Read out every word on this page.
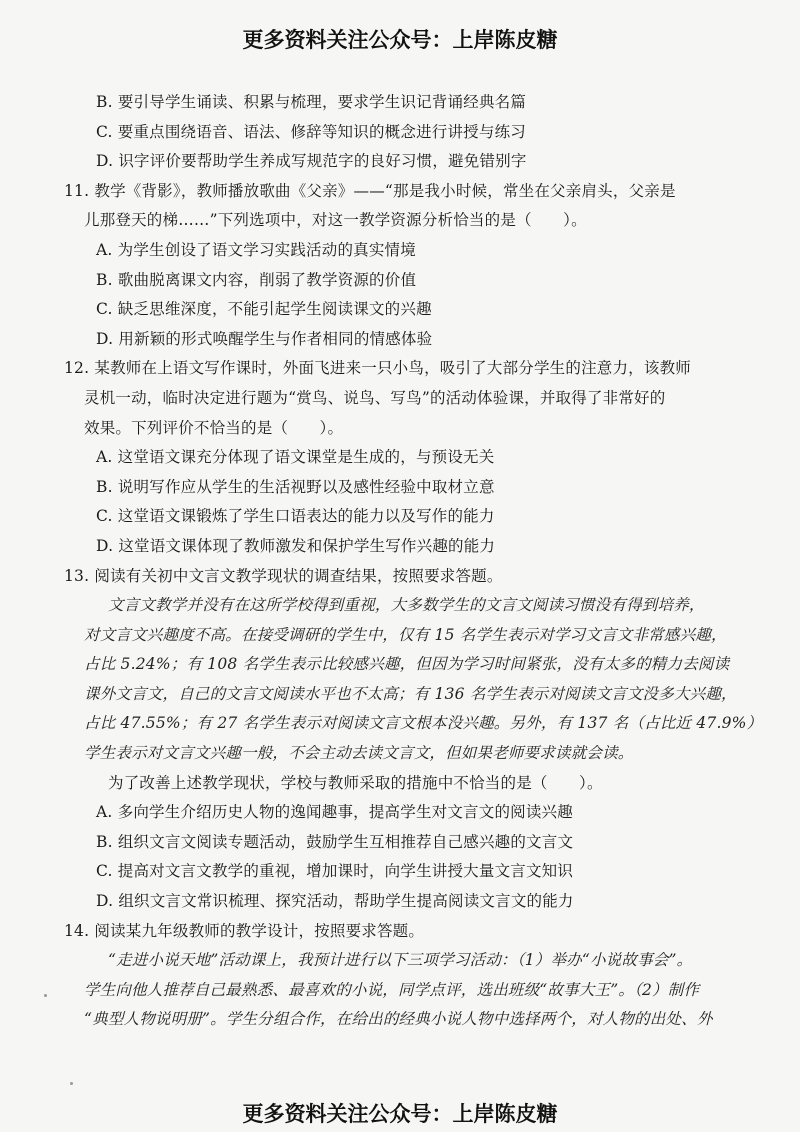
更多资料关注公众号：上岸陈皮糖
B. 要引导学生诵读、积累与梳理，要求学生识记背诵经典名篇
C. 要重点围绕语音、语法、修辞等知识的概念进行讲授与练习
D. 识字评价要帮助学生养成写规范字的良好习惯，避免错别字
11. 教学《背影》，教师播放歌曲《父亲》——“那是我小时候，常坐在父亲肩头，父亲是
儿那登天的梯……”下列选项中，对这一教学资源分析恰当的是（　　）。
A. 为学生创设了语文学习实践活动的真实情境
B. 歌曲脱离课文内容，削弱了教学资源的价值
C. 缺乏思维深度，不能引起学生阅读课文的兴趣
D. 用新颖的形式唤醒学生与作者相同的情感体验
12. 某教师在上语文写作课时，外面飞进来一只小鸟，吸引了大部分学生的注意力，该教师
灵机一动，临时决定进行题为“赏鸟、说鸟、写鸟”的活动体验课，并取得了非常好的
效果。下列评价不恰当的是（　　）。
A. 这堂语文课充分体现了语文课堂是生成的，与预设无关
B. 说明写作应从学生的生活视野以及感性经验中取材立意
C. 这堂语文课锻炼了学生口语表达的能力以及写作的能力
D. 这堂语文课体现了教师激发和保护学生写作兴趣的能力
13. 阅读有关初中文言文教学现状的调查结果，按照要求答题。
文言文教学并没有在这所学校得到重视，大多数学生的文言文阅读习惯没有得到培养，
对文言文兴趣度不高。在接受调研的学生中，仅有 15 名学生表示对学习文言文非常感兴趣，
占比 5.24%；有 108 名学生表示比较感兴趣，但因为学习时间紧张，没有太多的精力去阅读
课外文言文，自己的文言文阅读水平也不太高；有 136 名学生表示对阅读文言文没多大兴趣，
占比 47.55%；有 27 名学生表示对阅读文言文根本没兴趣。另外，有 137 名（占比近 47.9%）
学生表示对文言文兴趣一般，不会主动去读文言文，但如果老师要求读就会读。
为了改善上述教学现状，学校与教师采取的措施中不恰当的是（　　）。
A. 多向学生介绍历史人物的逸闻趣事，提高学生对文言文的阅读兴趣
B. 组织文言文阅读专题活动，鼓励学生互相推荐自己感兴趣的文言文
C. 提高对文言文教学的重视，增加课时，向学生讲授大量文言文知识
D. 组织文言文常识梳理、探究活动，帮助学生提高阅读文言文的能力
14. 阅读某九年级教师的教学设计，按照要求答题。
“走进小说天地”活动课上，我预计进行以下三项学习活动：（1）举办“小说故事会”。
学生向他人推荐自己最熟悉、最喜欢的小说，同学点评，选出班级“故事大王”。（2）制作
“典型人物说明册”。学生分组合作，在给出的经典小说人物中选择两个，对人物的出处、外
更多资料关注公众号：上岸陈皮糖
